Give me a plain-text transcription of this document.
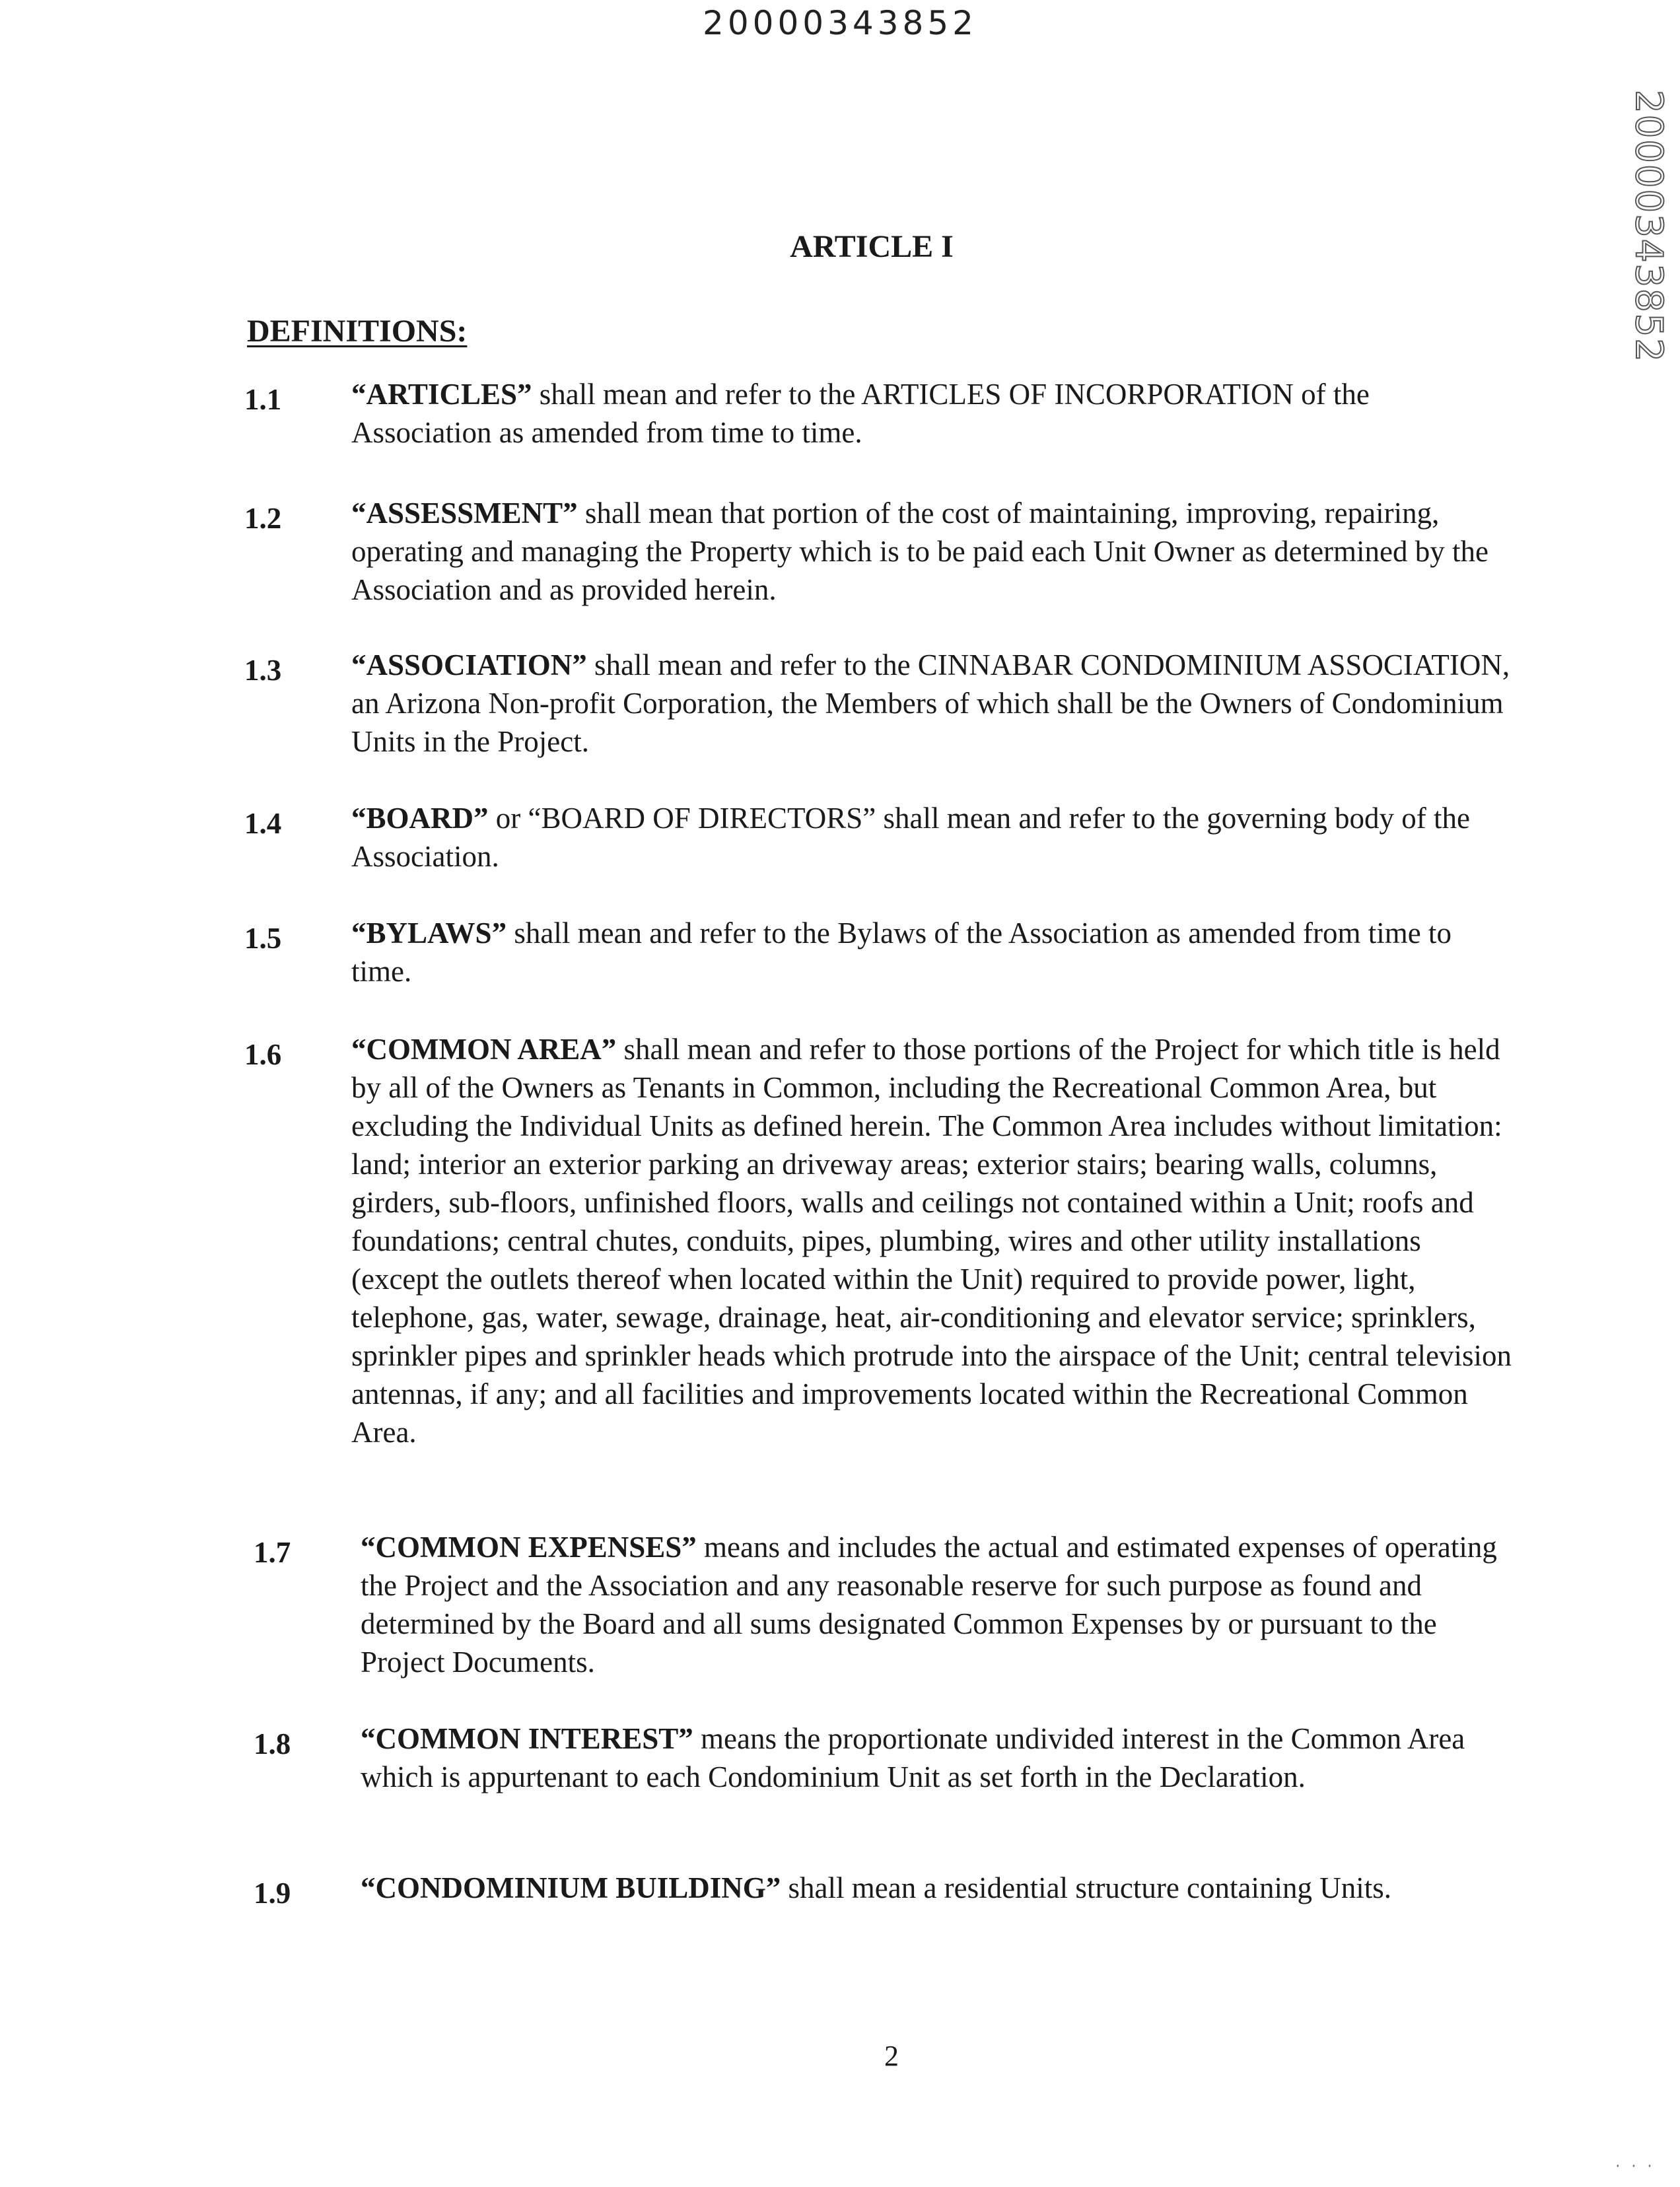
20000343852
20000343852
ARTICLE I
DEFINITIONS:
1.1	“ARTICLES” shall mean and refer to the ARTICLES OF INCORPORATION of the Association as amended from time to time.
1.2	“ASSESSMENT” shall mean that portion of the cost of maintaining, improving, repairing, operating and managing the Property which is to be paid each Unit Owner as determined by the Association and as provided herein.
1.3	“ASSOCIATION” shall mean and refer to the CINNABAR CONDOMINIUM ASSOCIATION, an Arizona Non-profit Corporation, the Members of which shall be the Owners of Condominium Units in the Project.
1.4	“BOARD” or “BOARD OF DIRECTORS” shall mean and refer to the governing body of the Association.
1.5	“BYLAWS” shall mean and refer to the Bylaws of the Association as amended from time to time.
1.6	“COMMON AREA” shall mean and refer to those portions of the Project for which title is held by all of the Owners as Tenants in Common, including the Recreational Common Area, but excluding the Individual Units as defined herein. The Common Area includes without limitation: land; interior an exterior parking an driveway areas; exterior stairs; bearing walls, columns, girders, sub-floors, unfinished floors, walls and ceilings not contained within a Unit; roofs and foundations; central chutes, conduits, pipes, plumbing, wires and other utility installations (except the outlets thereof when located within the Unit) required to provide power, light, telephone, gas, water, sewage, drainage, heat, air-conditioning and elevator service; sprinklers, sprinkler pipes and sprinkler heads which protrude into the airspace of the Unit; central television antennas, if any; and all facilities and improvements located within the Recreational Common Area.
1.7	“COMMON EXPENSES” means and includes the actual and estimated expenses of operating the Project and the Association and any reasonable reserve for such purpose as found and determined by the Board and all sums designated Common Expenses by or pursuant to the Project Documents.
1.8	“COMMON INTEREST” means the proportionate undivided interest in the Common Area which is appurtenant to each Condominium Unit as set forth in the Declaration.
1.9	“CONDOMINIUM BUILDING” shall mean a residential structure containing Units.
2
· · ·
